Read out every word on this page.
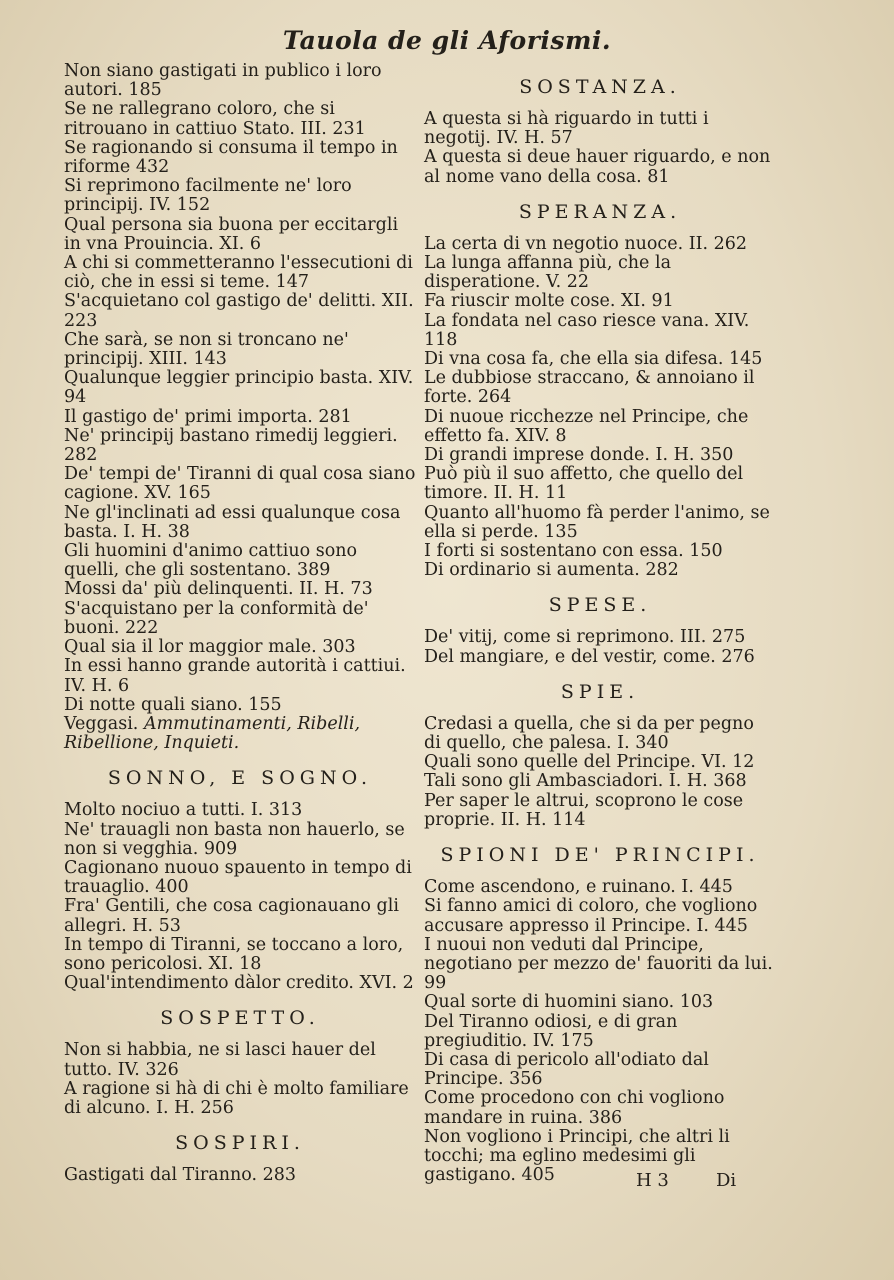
Tauola de gli Aforismi.
Non siano gastigati in publico i loro autori. 185
Se ne rallegrano coloro, che si ritrouano in cattiuo Stato. III. 231
Se ragionando si consuma il tempo in riforme 432
Si reprimono facilmente ne' loro principij. IV. 152
Qual persona sia buona per eccitargli in vna Prouincia. XI. 6
A chi si commetteranno l'essecutioni di ciò, che in essi si teme. 147
S'acquietano col gastigo de' delitti. XII. 223
Che sarà, se non si troncano ne' principij. XIII. 143
Qualunque leggier principio basta. XIV. 94
Il gastigo de' primi importa. 281
Ne' principij bastano rimedij leggieri. 282
De' tempi de' Tiranni di qual cosa siano cagione. XV. 165
Ne gl'inclinati ad essi qualunque cosa basta. I. H. 38
Gli huomini d'animo cattiuo sono quelli, che gli sostentano. 389
Mossi da' più delinquenti. II. H. 73
S'acquistano per la conformità de' buoni. 222
Qual sia il lor maggior male. 303
In essi hanno grande autorità i cattiui. IV. H. 6
Di notte quali siano. 155
Veggasi. Ammutinamenti, Ribelli, Ribellione, Inquieti.
SONNO, E SOGNO.
Molto nociuo a tutti. I. 313
Ne' trauagli non basta non hauerlo, se non si vegghia. 909
Cagionano nuouo spauento in tempo di trauaglio. 400
Fra' Gentili, che cosa cagionauano gli allegri. H. 53
In tempo di Tiranni, se toccano a loro, sono pericolosi. XI. 18
Qual'intendimento dàlor credito. XVI. 2
SOSPETTO.
Non si habbia, ne si lasci hauer del tutto. IV. 326
A ragione si hà di chi è molto familiare di alcuno. I. H. 256
SOSPIRI.
Gastigati dal Tiranno. 283
SOSTANZA.
A questa si hà riguardo in tutti i negotij. IV. H. 57
A questa si deue hauer riguardo, e non al nome vano della cosa. 81
SPERANZA.
La certa di vn negotio nuoce. II. 262
La lunga affanna più, che la disperatione. V. 22
Fa riuscir molte cose. XI. 91
La fondata nel caso riesce vana. XIV. 118
Di vna cosa fa, che ella sia difesa. 145
Le dubbiose straccano, & annoiano il forte. 264
Di nuoue ricchezze nel Principe, che effetto fa. XIV. 8
Di grandi imprese donde. I. H. 350
Può più il suo affetto, che quello del timore. II. H. 11
Quanto all'huomo fà perder l'animo, se ella si perde. 135
I forti si sostentano con essa. 150
Di ordinario si aumenta. 282
SPESE.
De' vitij, come si reprimono. III. 275
Del mangiare, e del vestir, come. 276
SPIE.
Credasi a quella, che si da per pegno di quello, che palesa. I. 340
Quali sono quelle del Principe. VI. 12
Tali sono gli Ambasciadori. I. H. 368
Per saper le altrui, scoprono le cose proprie. II. H. 114
SPIONI DE' PRINCIPI.
Come ascendono, e ruinano. I. 445
Si fanno amici di coloro, che vogliono accusare appresso il Principe. I. 445
I nuoui non veduti dal Principe, negotiano per mezzo de' fauoriti da lui. 99
Qual sorte di huomini siano. 103
Del Tiranno odiosi, e di gran pregiuditio. IV. 175
Di casa di pericolo all'odiato dal Principe. 356
Come procedono con chi vogliono mandare in ruina. 386
Non vogliono i Principi, che altri li tocchi; ma eglino medesimi gli gastigano. 405	H 3	Di
